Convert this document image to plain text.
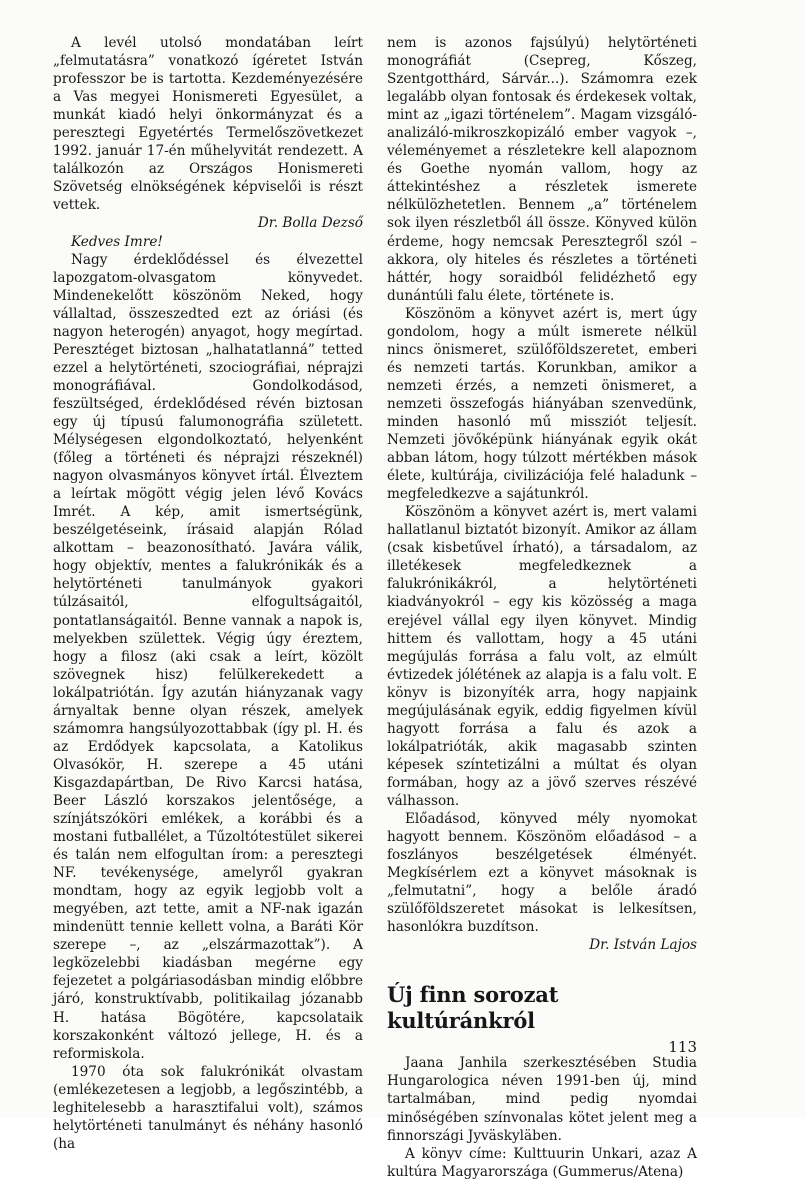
A levél utolsó mondatában leírt „felmutatásra” vonatkozó ígéretet István professzor be is tartotta. Kezdeményezésére a Vas megyei Honismereti Egyesület, a munkát kiadó helyi önkormányzat és a peresztegi Egyetértés Termelőszövetkezet 1992. január 17-én műhelyvitát rendezett. A találkozón az Országos Honismereti Szövetség elnökségének képviselői is részt vettek.

Dr. Bolla Dezső

Kedves Imre!

Nagy érdeklődéssel és élvezettel lapozgatom-olvasgatom könyvedet. Mindenekelőtt köszönöm Neked, hogy vállaltad, összeszedted ezt az óriási (és nagyon heterogén) anyagot, hogy megírtad. Peresztéget biztosan „halhatatlanná” tetted ezzel a helytörténeti, szociográfiai, néprajzi monográfiával. Gondolkodásod, feszültséged, érdeklődésed révén biztosan egy új típusú falumonográfia született. Mélységesen elgondolkoztató, helyenként (főleg a történeti és néprajzi részeknél) nagyon olvasmányos könyvet írtál. Élveztem a leírtak mögött végig jelen lévő Kovács Imrét. A kép, amit ismertségünk, beszélgetéseink, írásaid alapján Rólad alkottam – beazonosítható. Javára válik, hogy objektív, mentes a falukrónikák és a helytörténeti tanulmányok gyakori túlzásaitól, elfogultságaitól, pontatlanságaitól. Benne vannak a napok is, melyekben születtek. Végig úgy éreztem, hogy a filosz (aki csak a leírt, közölt szövegnek hisz) felülkerekedett a lokálpatriótán. Így azután hiányzanak vagy árnyaltak benne olyan részek, amelyek számomra hangsúlyozottabbak (így pl. H. és az Erdődyek kapcsolata, a Katolikus Olvasókör, H. szerepe a 45 utáni Kisgazdapártban, De Rivo Karcsi hatása, Beer László korszakos jelentősége, a színjátszóköri emlékek, a korábbi és a mostani futballélet, a Tűzoltótestület sikerei és talán nem elfogultan írom: a peresztegi NF. tevékenysége, amelyről gyakran mondtam, hogy az egyik legjobb volt a megyében, azt tette, amit a NF-nak igazán mindenütt tennie kellett volna, a Baráti Kör szerepe –, az „elszármazottak”). A legközelebbi kiadásban megérne egy fejezetet a polgáriasodásban mindig előbbre járó, konstruktívabb, politikailag józanabb H. hatása Bögötére, kapcsolataik korszakonként változó jellege, H. és a reformiskola.

1970 óta sok falukrónikát olvastam (emlékezetesen a legjobb, a legőszintébb, a leghitelesebb a harasztifalui volt), számos helytörténeti tanulmányt és néhány hasonló (ha

nem is azonos fajsúlyú) helytörténeti monográfiát (Csepreg, Kőszeg, Szentgotthárd, Sárvár...). Számomra ezek legalább olyan fontosak és érdekesek voltak, mint az „igazi történelem”. Magam vizsgáló-analizáló-mikroszkopizáló ember vagyok –, véleményemet a részletekre kell alapoznom és Goethe nyomán vallom, hogy az áttekintéshez a részletek ismerete nélkülözhetetlen. Bennem „a” történelem sok ilyen részletből áll össze. Könyved külön érdeme, hogy nemcsak Peresztegről szól – akkora, oly hiteles és részletes a történeti háttér, hogy soraidból felidézhető egy dunántúli falu élete, története is.

Köszönöm a könyvet azért is, mert úgy gondolom, hogy a múlt ismerete nélkül nincs önismeret, szülőföldszeretet, emberi és nemzeti tartás. Korunkban, amikor a nemzeti érzés, a nemzeti önismeret, a nemzeti összefogás hiányában szenvedünk, minden hasonló mű missziót teljesít. Nemzeti jövőképünk hiányának egyik okát abban látom, hogy túlzott mértékben mások élete, kultúrája, civilizációja felé haladunk – megfeledkezve a sajátunkról.

Köszönöm a könyvet azért is, mert valami hallatlanul biztatót bizonyít. Amikor az állam (csak kisbetűvel írható), a társadalom, az illetékesek megfeledkeznek a falukrónikákról, a helytörténeti kiadványokról – egy kis közösség a maga erejével vállal egy ilyen könyvet. Mindig hittem és vallottam, hogy a 45 utáni megújulás forrása a falu volt, az elmúlt évtizedek jólétének az alapja is a falu volt. E könyv is bizonyíték arra, hogy napjaink megújulásának egyik, eddig figyelmen kívül hagyott forrása a falu és azok a lokálpatrióták, akik magasabb szinten képesek színtetizálni a múltat és olyan formában, hogy az a jövő szerves részévé válhasson.

Előadásod, könyved mély nyomokat hagyott bennem. Köszönöm előadásod – a foszlányos beszélgetések élményét. Megkísérlem ezt a könyvet másoknak is „felmutatni”, hogy a belőle áradó szülőföldszeretet másokat is lelkesítsen, hasonlókra buzdítson.

Dr. István Lajos

Új finn sorozat kultúránkról

Jaana Janhila szerkesztésében Studia Hungarologica néven 1991-ben új, mind tartalmában, mind pedig nyomdai minőségében színvonalas kötet jelent meg a finnországi Jyväskyläben.

A könyv címe: Kulttuurin Unkari, azaz A kultúra Magyarországa (Gummerus/Atena)

113
